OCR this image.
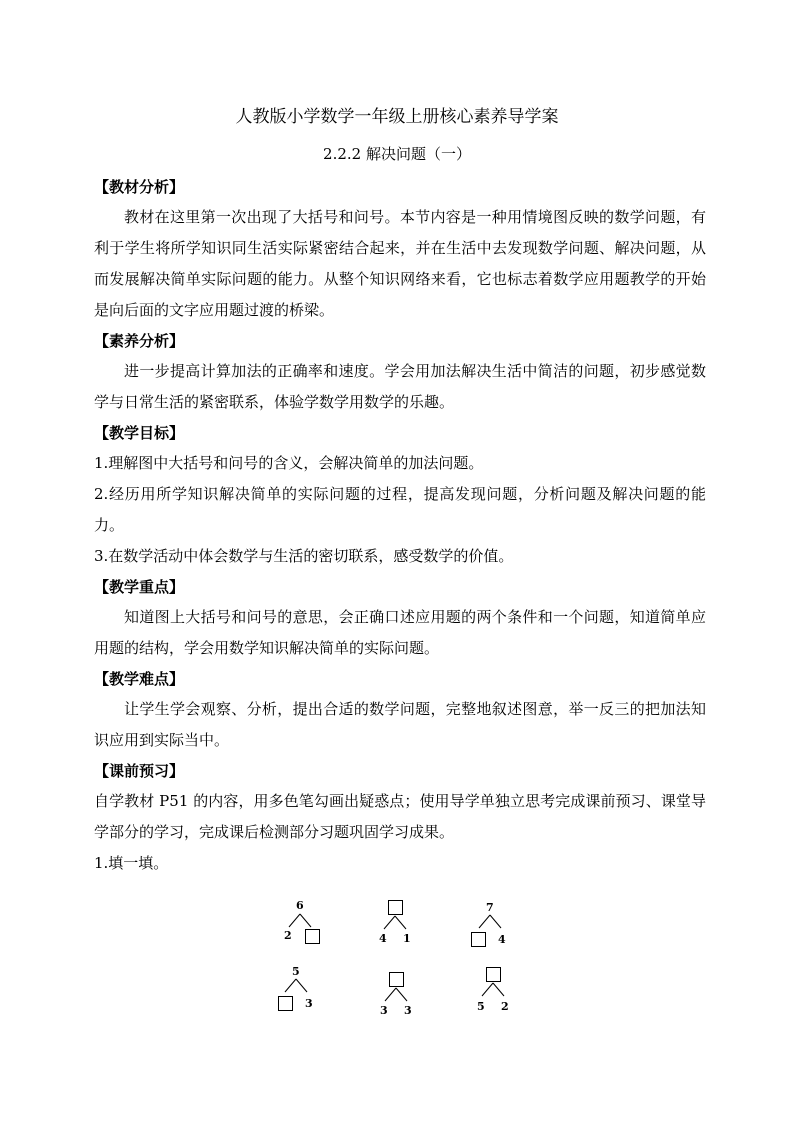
人教版小学数学一年级上册核心素养导学案
2.2.2 解决问题（一）
【教材分析】

教材在这里第一次出现了大括号和问号。本节内容是一种用情境图反映的数学问题，有利于学生将所学知识同生活实际紧密结合起来，并在生活中去发现数学问题、解决问题，从而发展解决简单实际问题的能力。从整个知识网络来看，它也标志着数学应用题教学的开始是向后面的文字应用题过渡的桥梁。

【素养分析】

进一步提高计算加法的正确率和速度。学会用加法解决生活中简洁的问题，初步感觉数学与日常生活的紧密联系，体验学数学用数学的乐趣。

【教学目标】

1.理解图中大括号和问号的含义，会解决简单的加法问题。

2.经历用所学知识解决简单的实际问题的过程，提高发现问题，分析问题及解决问题的能力。

3.在数学活动中体会数学与生活的密切联系，感受数学的价值。

【教学重点】

知道图上大括号和问号的意思，会正确口述应用题的两个条件和一个问题，知道简单应用题的结构，学会用数学知识解决简单的实际问题。

【教学难点】

让学生学会观察、分析，提出合适的数学问题，完整地叙述图意，举一反三的把加法知识应用到实际当中。

【课前预习】

自学教材 P51 的内容，用多色笔勾画出疑惑点；使用导学单独立思考完成课前预习、课堂导学部分的学习，完成课后检测部分习题巩固学习成果。

1.填一填。

6
2	4 1
7
4
5
3
3 3	5 2
